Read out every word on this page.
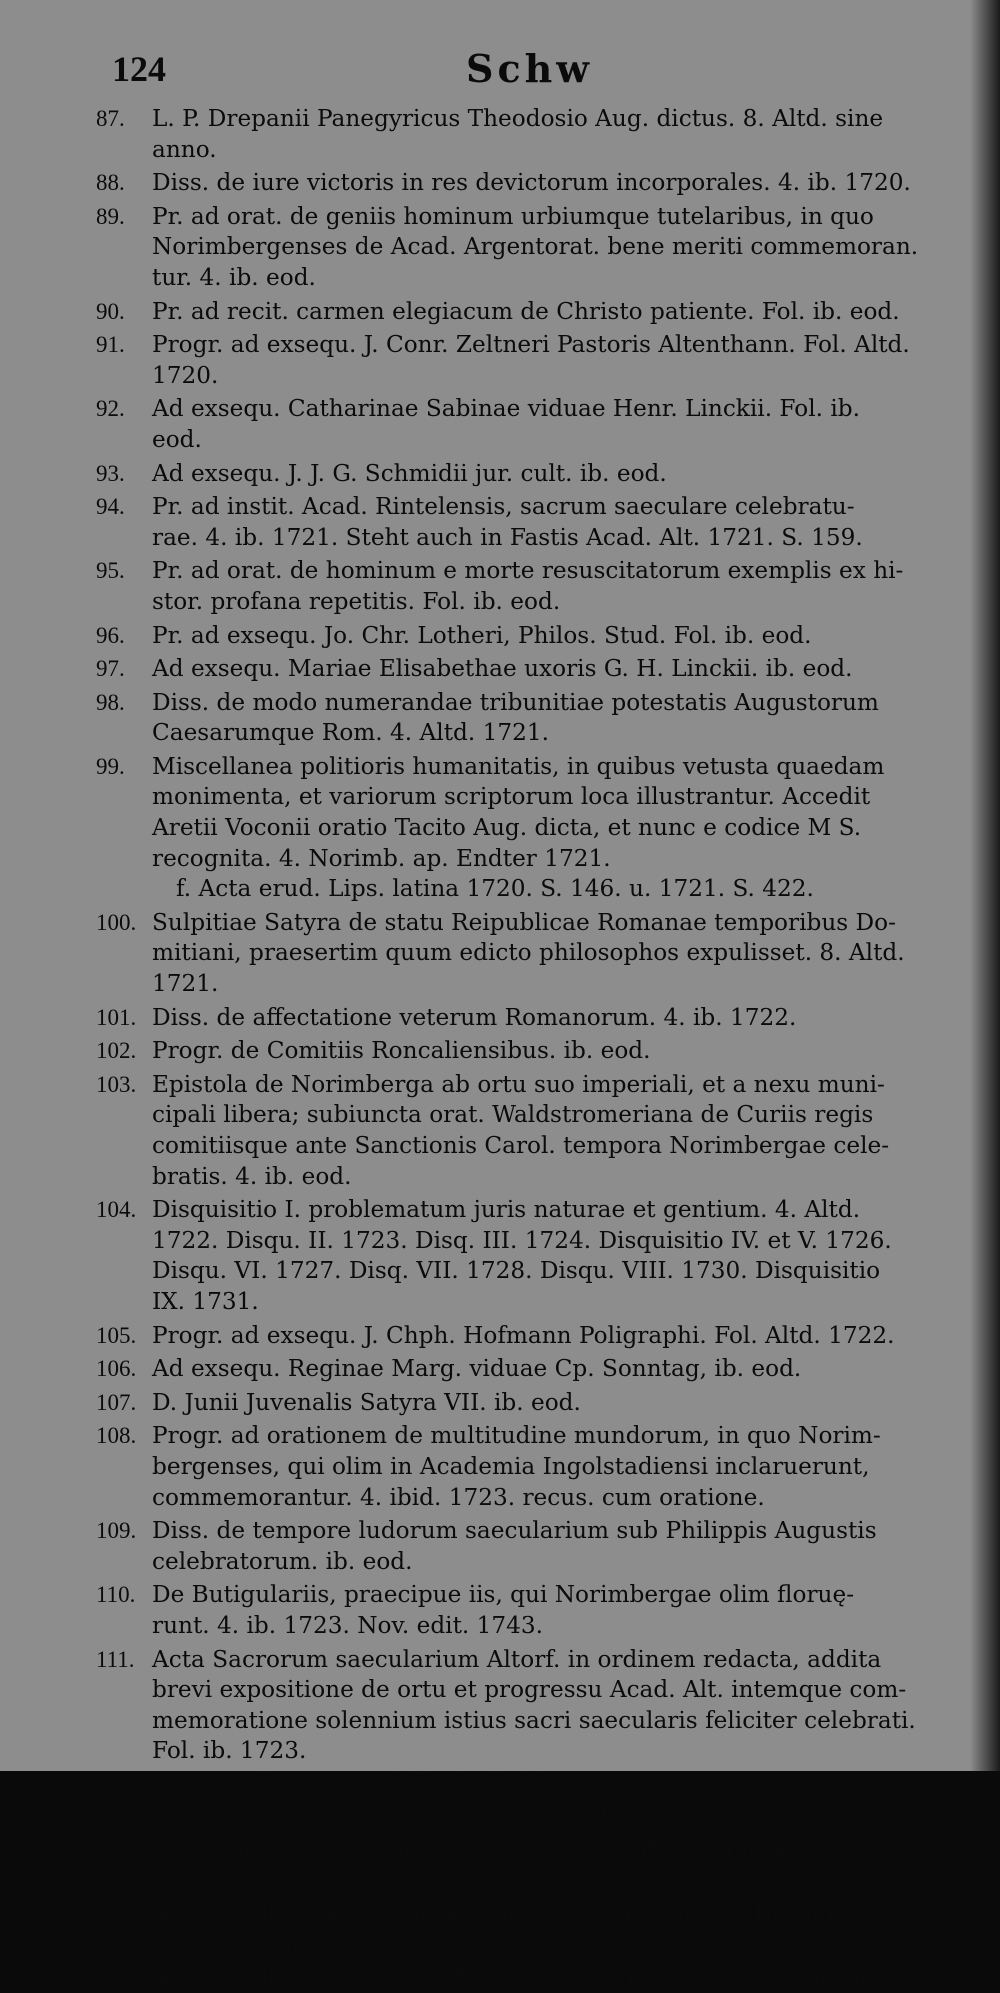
124	Schw
87.	L. P. Drepanii Panegyricus Theodosio Aug. dictus. 8. Altd. sine
anno.
88.	Diss. de iure victoris in res devictorum incorporales. 4. ib. 1720.
89.	Pr. ad orat. de geniis hominum urbiumque tutelaribus, in quo
Norimbergenses de Acad. Argentorat. bene meriti commemoran.
tur. 4. ib. eod.
90.	Pr. ad recit. carmen elegiacum de Christo patiente. Fol. ib. eod.
91.	Progr. ad exsequ. J. Conr. Zeltneri Pastoris Altenthann. Fol. Altd.
1720.
92.	Ad exsequ. Catharinae Sabinae viduae Henr. Linckii. Fol. ib.
eod.
93.	Ad exsequ. J. J. G. Schmidii jur. cult. ib. eod.
94.	Pr. ad instit. Acad. Rintelensis, sacrum saeculare celebratu-
rae. 4. ib. 1721. Steht auch in Fastis Acad. Alt. 1721. S. 159.
95.	Pr. ad orat. de hominum e morte resuscitatorum exemplis ex hi-
stor. profana repetitis. Fol. ib. eod.
96.	Pr. ad exsequ. Jo. Chr. Lotheri, Philos. Stud. Fol. ib. eod.
97.	Ad exsequ. Mariae Elisabethae uxoris G. H. Linckii. ib. eod.
98.	Diss. de modo numerandae tribunitiae potestatis Augustorum
Caesarumque Rom. 4. Altd. 1721.
99.	Miscellanea politioris humanitatis, in quibus vetusta quaedam
monimenta, et variorum scriptorum loca illustrantur. Accedit
Aretii Voconii oratio Tacito Aug. dicta, et nunc e codice M S.
recognita. 4. Norimb. ap. Endter 1721.
f. Acta erud. Lips. latina 1720. S. 146. u. 1721. S. 422.
100. Sulpitiae Satyra de statu Reipublicae Romanae temporibus Do-
mitiani, praesertim quum edicto philosophos expulisset. 8. Altd.
1721.
101. Diss. de affectatione veterum Romanorum. 4. ib. 1722.
102. Progr. de Comitiis Roncaliensibus. ib. eod.
103. Epistola de Norimberga ab ortu suo imperiali, et a nexu muni-
cipali libera; subiuncta orat. Waldstromeriana de Curiis regis
comitiisque ante Sanctionis Carol. tempora Norimbergae cele-
bratis. 4. ib. eod.
104. Disquisitio I. problematum juris naturae et gentium. 4. Altd.
1722. Disqu. II. 1723. Disq. III. 1724. Disquisitio IV. et V. 1726.
Disqu. VI. 1727. Disq. VII. 1728. Disqu. VIII. 1730. Disquisitio
IX. 1731.
105. Progr. ad exsequ. J. Chph. Hofmann Poligraphi. Fol. Altd. 1722.
106. Ad exsequ. Reginae Marg. viduae Cp. Sonntag, ib. eod.
107. D. Junii Juvenalis Satyra VII. ib. eod.
108. Progr. ad orationem de multitudine mundorum, in quo Norim-
bergenses, qui olim in Academia Ingolstadiensi inclaruerunt,
commemorantur. 4. ibid. 1723. recus. cum oratione.
109. Diss. de tempore ludorum saecularium sub Philippis Augustis
celebratorum. ib. eod.
110. De Butigulariis, praecipue iis, qui Norimbergae olim floruę-
runt. 4. ib. 1723. Nov. edit. 1743.
111. Acta Sacrorum saecularium Altorf. in ordinem redacta, addita
brevi expositione de ortu et progressu Acad. Alt. intemque com-
memoratione solennium istius sacri saecularis feliciter celebrati.
Fol. ib. 1723.
f. Acta Franc. erud. Th. 8. S. 519.
112. Diss. de antiqua numeri senarii nota. 4. ib. 1724.
113. Progr. ad orat. de fulminibus ordini litteratorum fatalibus, in
quo vita Petri Apiani exponitur. ib. eod.
114. Ad orat. de anno magno, in quo de priscis Dominis Burggra-
viisque Leisnicii disseritur. 4. ib. 1725.
115. Ad orat. de morte Christi testimoniis scriptorum profanorum
